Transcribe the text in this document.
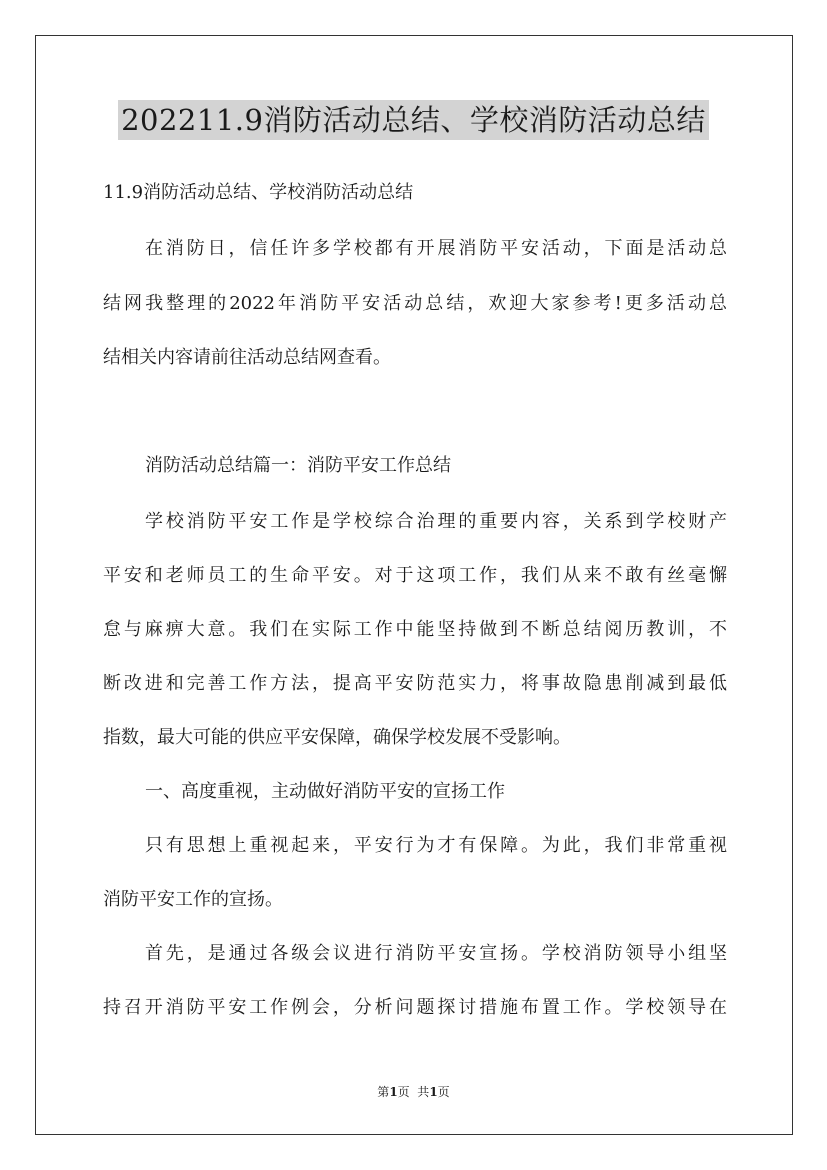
202211.9消防活动总结、学校消防活动总结
11.9消防活动总结、学校消防活动总结
在消防日，信任许多学校都有开展消防平安活动，下面是活动总
结网我整理的2022年消防平安活动总结，欢迎大家参考!更多活动总
结相关内容请前往活动总结网查看。
消防活动总结篇一：消防平安工作总结
学校消防平安工作是学校综合治理的重要内容，关系到学校财产
平安和老师员工的生命平安。对于这项工作，我们从来不敢有丝毫懈
怠与麻痹大意。我们在实际工作中能坚持做到不断总结阅历教训，不
断改进和完善工作方法，提高平安防范实力，将事故隐患削减到最低
指数，最大可能的供应平安保障，确保学校发展不受影响。
一、高度重视，主动做好消防平安的宣扬工作
只有思想上重视起来，平安行为才有保障。为此，我们非常重视
消防平安工作的宣扬。
首先，是通过各级会议进行消防平安宣扬。学校消防领导小组坚
持召开消防平安工作例会，分析问题探讨措施布置工作。学校领导在
第1页  共1页
